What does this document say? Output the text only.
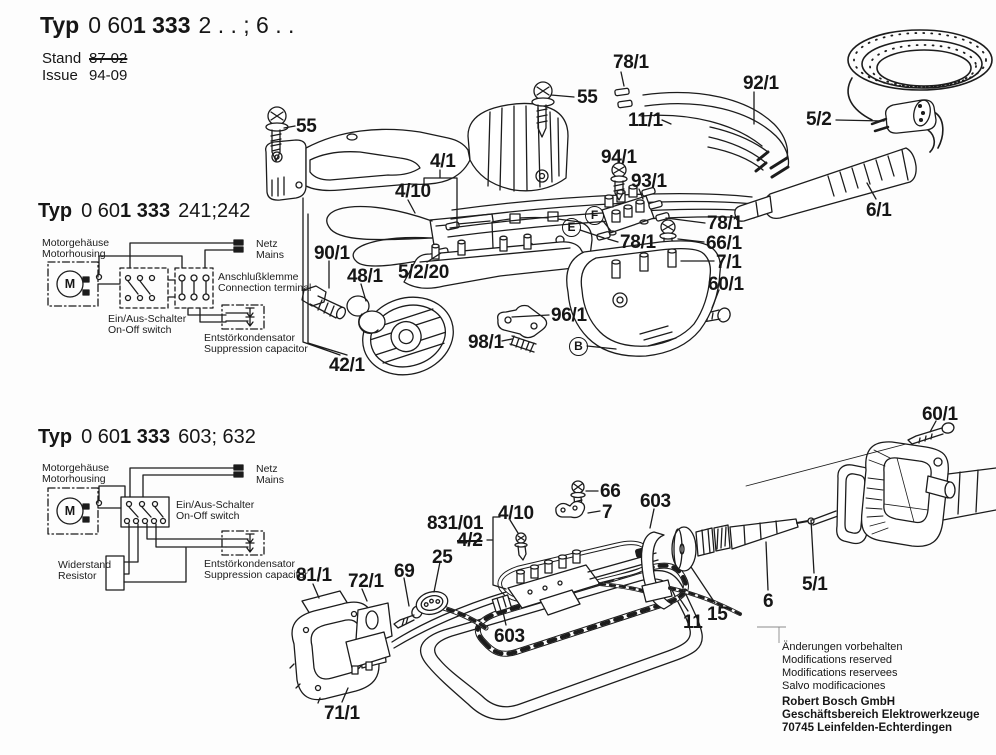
Typ 0 601 333 2 . . ; 6 . .
Stand 87-02
Issue 94-09
Typ 0 601 333 241;242
Typ 0 601 333 603; 632
Motorgehäuse
Motorhousing
Netz
Mains
Anschlußklemme
Connection terminal
Ein/Aus-Schalter
On-Off switch
Entstörkondensator
Suppression capacitor
M
Motorgehäuse
Motorhousing
Netz
Mains
Ein/Aus-Schalter
On-Off switch
Widerstand
Resistor
Entstörkondensator
Suppression capacitor
M
Änderungen vorbehalten
Modifications reserved
Modifications reservees
Salvo modificaciones
Robert Bosch GmbH
Geschäftsbereich Elektrowerkzeuge
70745 Leinfelden-Echterdingen
55
55
78/1
92/1
5/2
11/1
94/1
93/1
6/1
4/1
4/10
78/1
66/1
78/1
7/1
60/1
90/1
48/1 5/2/20
96/1
98/1
42/1
60/1
66
7
603
831/01 4/10
4/2
25
69
81/1 72/1
603
11 15
6
5/1
71/1
E
F
B
